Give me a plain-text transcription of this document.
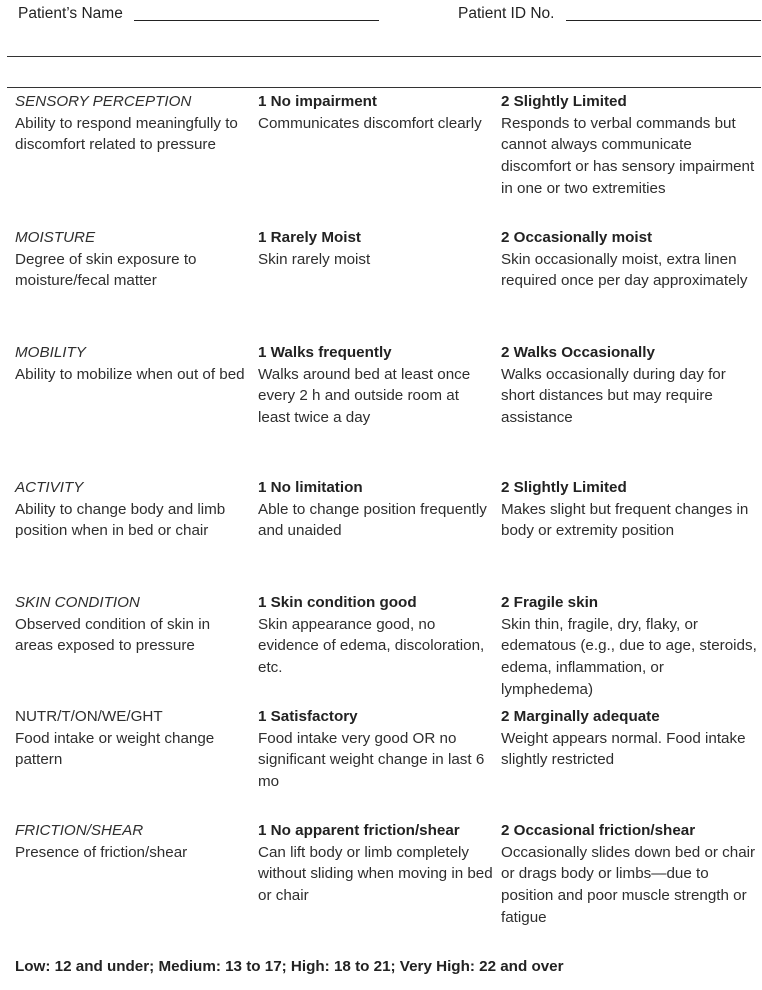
Patient’s Name	Patient ID No.
SENSORY PERCEPTION
Ability to respond meaningfully to discomfort related to pressure
1 No impairment
Communicates discomfort clearly
2 Slightly Limited
Responds to verbal commands but cannot always communicate discomfort or has sensory impairment in one or two extremities
MOISTURE
Degree of skin exposure to moisture/fecal matter
1 Rarely Moist
Skin rarely moist
2 Occasionally moist
Skin occasionally moist, extra linen required once per day approximately
MOBILITY
Ability to mobilize when out of bed
1 Walks frequently
Walks around bed at least once every 2 h and outside room at least twice a day
2 Walks Occasionally
Walks occasionally during day for short distances but may require assistance
ACTIVITY
Ability to change body and limb position when in bed or chair
1 No limitation
Able to change position frequently and unaided
2 Slightly Limited
Makes slight but frequent changes in body or extremity position
SKIN CONDITION
Observed condition of skin in areas exposed to pressure
1 Skin condition good
Skin appearance good, no evidence of edema, discoloration, etc.
2 Fragile skin
Skin thin, fragile, dry, flaky, or edematous (e.g., due to age, steroids, edema, inflammation, or lymphedema)
NUTR/T/ON/WE/GHT
Food intake or weight change pattern
1 Satisfactory
Food intake very good OR no significant weight change in last 6 mo
2 Marginally adequate
Weight appears normal. Food intake slightly restricted
FRICTION/SHEAR
Presence of friction/shear
1 No apparent friction/shear
Can lift body or limb completely without sliding when moving in bed or chair
2 Occasional friction/shear
Occasionally slides down bed or chair or drags body or limbs—due to position and poor muscle strength or fatigue
Low: 12 and under; Medium: 13 to 17; High: 18 to 21; Very High: 22 and over
